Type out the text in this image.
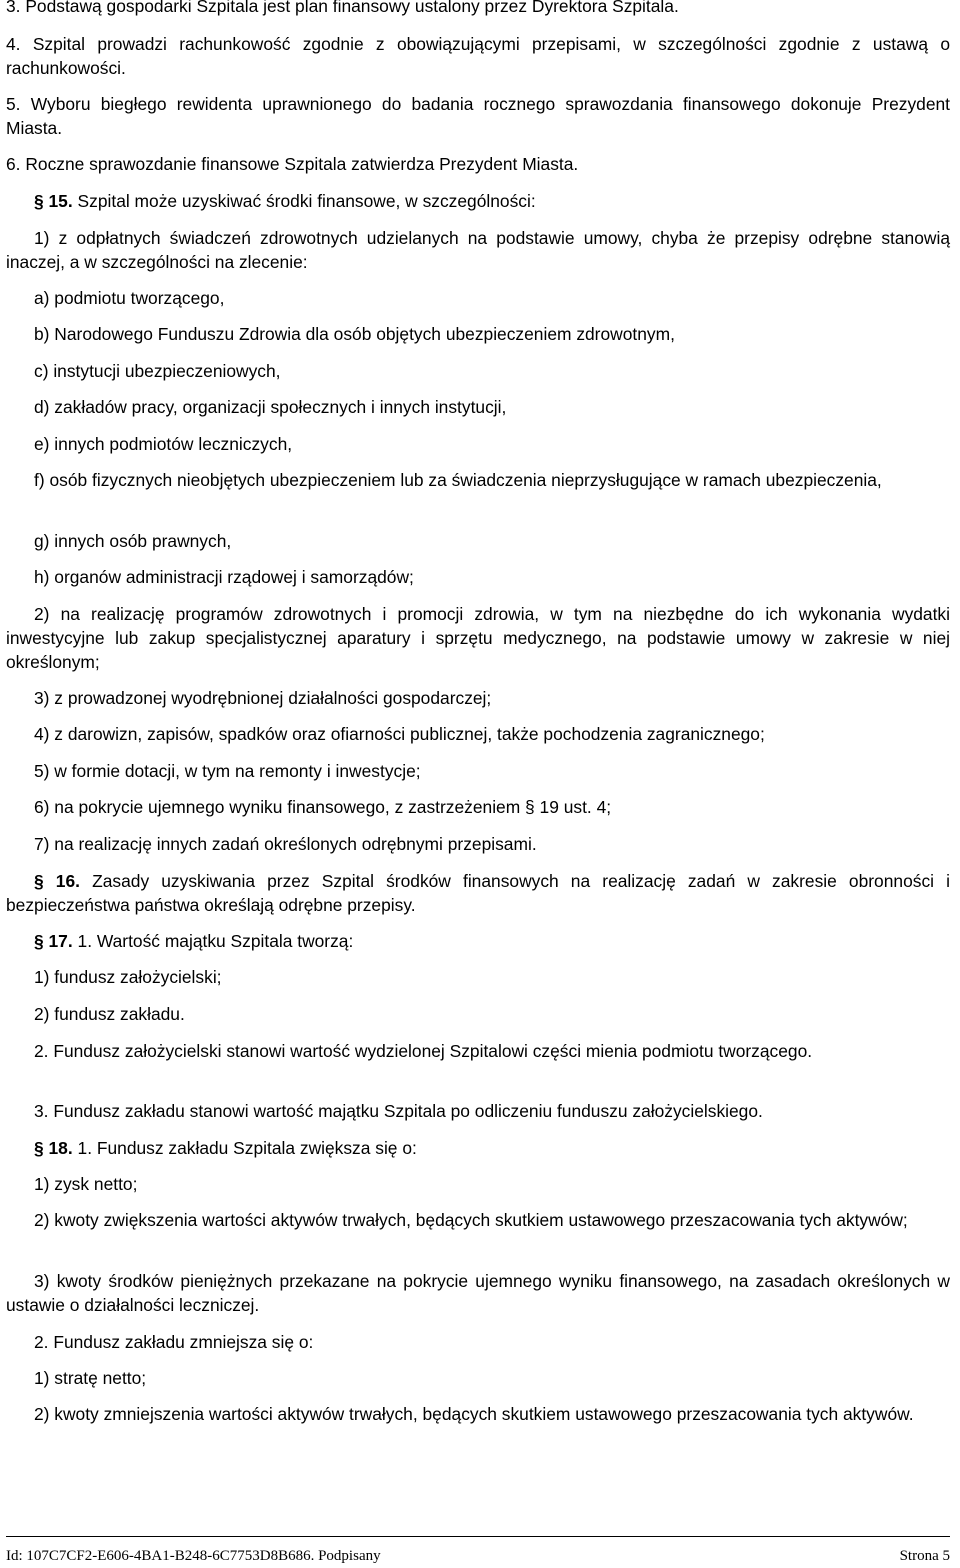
3. Podstawą gospodarki Szpitala jest plan finansowy ustalony przez Dyrektora Szpitala.

4. Szpital prowadzi rachunkowość zgodnie z obowiązującymi przepisami, w szczególności zgodnie z ustawą o rachunkowości.

5. Wyboru biegłego rewidenta uprawnionego do badania rocznego sprawozdania finansowego dokonuje Prezydent Miasta.

6. Roczne sprawozdanie finansowe Szpitala zatwierdza Prezydent Miasta.

§ 15. Szpital może uzyskiwać środki finansowe, w szczególności:

1) z odpłatnych świadczeń zdrowotnych udzielanych na podstawie umowy, chyba że przepisy odrębne stanowią inaczej, a w szczególności na zlecenie:

a) podmiotu tworzącego,

b) Narodowego Funduszu Zdrowia dla osób objętych ubezpieczeniem zdrowotnym,

c) instytucji ubezpieczeniowych,

d) zakładów pracy, organizacji społecznych i innych instytucji,

e) innych podmiotów leczniczych,

f) osób fizycznych nieobjętych ubezpieczeniem lub za świadczenia nieprzysługujące w ramach ubezpieczenia,

g) innych osób prawnych,

h) organów administracji rządowej i samorządów;

2) na realizację programów zdrowotnych i promocji zdrowia, w tym na niezbędne do ich wykonania wydatki inwestycyjne lub zakup specjalistycznej aparatury i sprzętu medycznego, na podstawie umowy w zakresie w niej określonym;

3) z prowadzonej wyodrębnionej działalności gospodarczej;

4) z darowizn, zapisów, spadków oraz ofiarności publicznej, także pochodzenia zagranicznego;

5) w formie dotacji, w tym na remonty i inwestycje;

6) na pokrycie ujemnego wyniku finansowego, z zastrzeżeniem § 19 ust. 4;

7) na realizację innych zadań określonych odrębnymi przepisami.

§ 16. Zasady uzyskiwania przez Szpital środków finansowych na realizację zadań w zakresie obronności i bezpieczeństwa państwa określają odrębne przepisy.

§ 17. 1. Wartość majątku Szpitala tworzą:

1) fundusz założycielski;

2) fundusz zakładu.

2. Fundusz założycielski stanowi wartość wydzielonej Szpitalowi części mienia podmiotu tworzącego.

3. Fundusz zakładu stanowi wartość majątku Szpitala po odliczeniu funduszu założycielskiego.

§ 18. 1. Fundusz zakładu Szpitala zwiększa się o:

1) zysk netto;

2) kwoty zwiększenia wartości aktywów trwałych, będących skutkiem ustawowego przeszacowania tych aktywów;

3) kwoty środków pieniężnych przekazane na pokrycie ujemnego wyniku finansowego, na zasadach określonych w ustawie o działalności leczniczej.

2. Fundusz zakładu zmniejsza się o:

1) stratę netto;

2) kwoty zmniejszenia wartości aktywów trwałych, będących skutkiem ustawowego przeszacowania tych aktywów.

Id: 107C7CF2-E606-4BA1-B248-6C7753D8B686. Podpisany	Strona 5
